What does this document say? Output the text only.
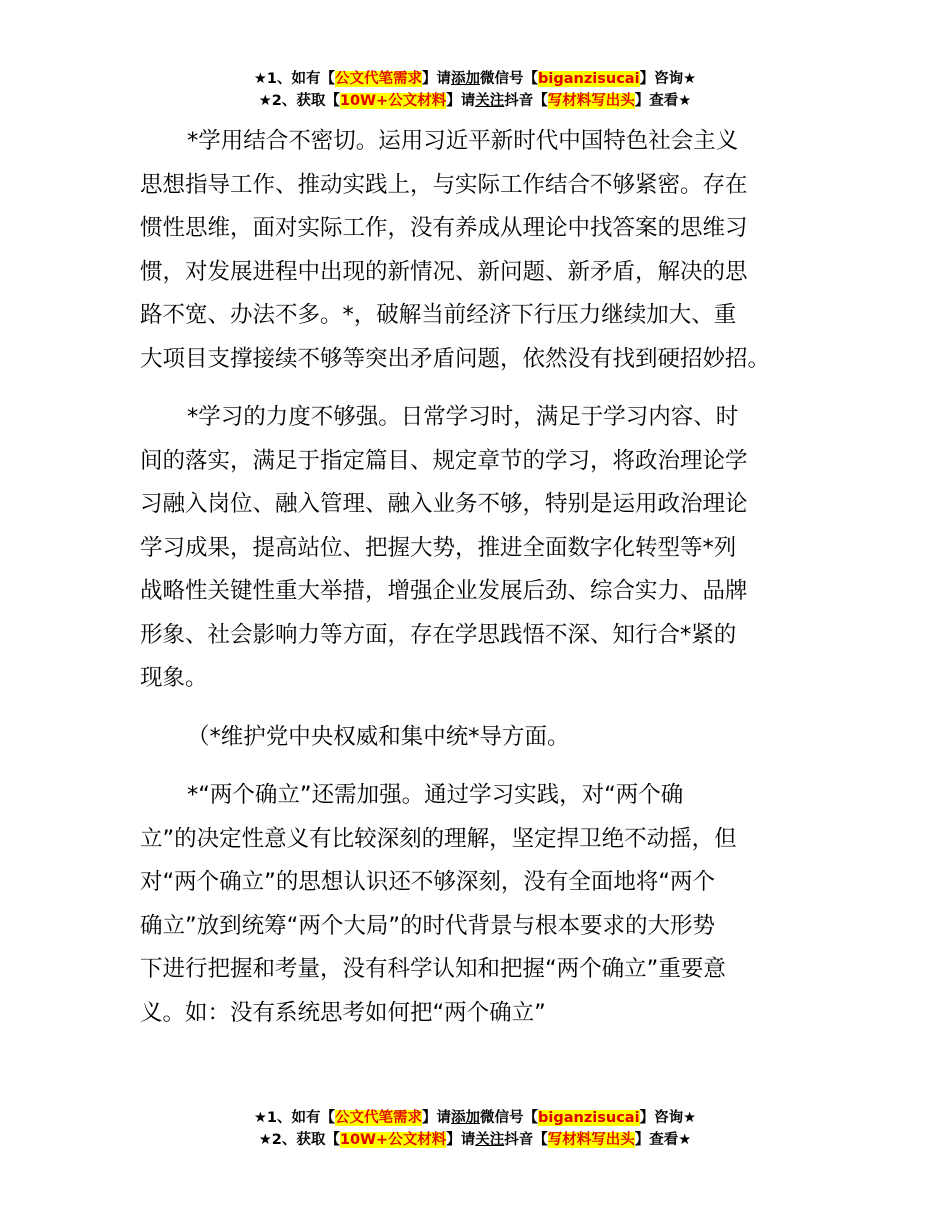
★1、如有【公文代笔需求】请添加微信号【biganzisucai】咨询★
★2、获取【10W+公文材料】请关注抖音【写材料写出头】查看★
*学用结合不密切。运用习近平新时代中国特色社会主义
思想指导工作、推动实践上，与实际工作结合不够紧密。存在
惯性思维，面对实际工作，没有养成从理论中找答案的思维习
惯，对发展进程中出现的新情况、新问题、新矛盾，解决的思
路不宽、办法不多。*，破解当前经济下行压力继续加大、重
大项目支撑接续不够等突出矛盾问题，依然没有找到硬招妙招。
*学习的力度不够强。日常学习时，满足于学习内容、时
间的落实，满足于指定篇目、规定章节的学习，将政治理论学
习融入岗位、融入管理、融入业务不够，特别是运用政治理论
学习成果，提高站位、把握大势，推进全面数字化转型等*列
战略性关键性重大举措，增强企业发展后劲、综合实力、品牌
形象、社会影响力等方面，存在学思践悟不深、知行合*紧的
现象。
（*维护党中央权威和集中统*导方面。
*“两个确立”还需加强。通过学习实践，对“两个确
立”的决定性意义有比较深刻的理解，坚定捍卫绝不动摇，但
对“两个确立”的思想认识还不够深刻，没有全面地将“两个
确立”放到统筹“两个大局”的时代背景与根本要求的大形势
下进行把握和考量，没有科学认知和把握“两个确立”重要意
义。如：没有系统思考如何把“两个确立”
★1、如有【公文代笔需求】请添加微信号【biganzisucai】咨询★
★2、获取【10W+公文材料】请关注抖音【写材料写出头】查看★
